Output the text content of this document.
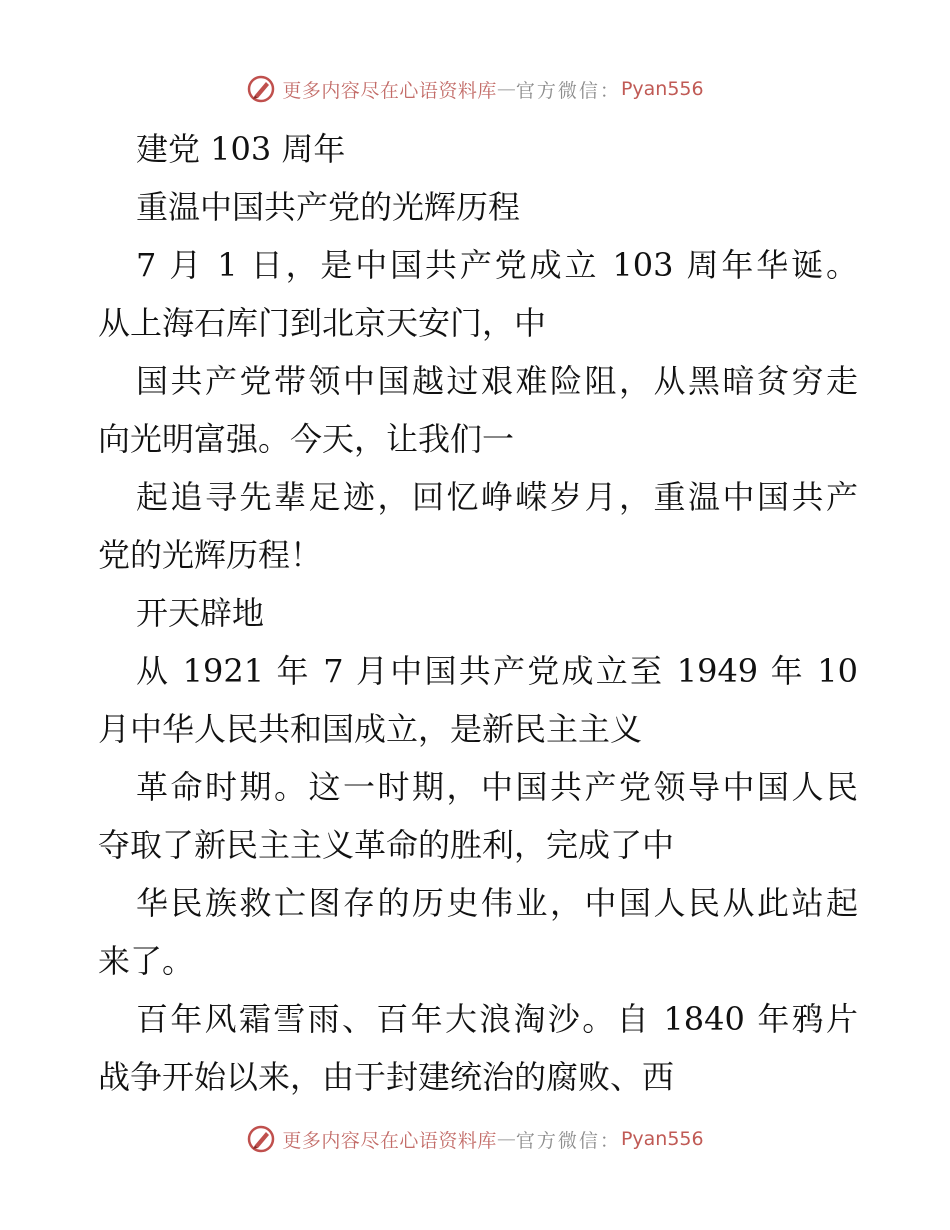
更多内容尽在心语资料库 — 官方微信： Pyan556
建党 103 周年
重温中国共产党的光辉历程
7 月 1 日，是中国共产党成立 103 周年华诞。
从上海石库门到北京天安门，中
国共产党带领中国越过艰难险阻，从黑暗贫穷走
向光明富强。今天，让我们一
起追寻先辈足迹，回忆峥嵘岁月，重温中国共产
党的光辉历程！
开天辟地
从 1921 年 7 月中国共产党成立至 1949 年 10
月中华人民共和国成立，是新民主主义
革命时期。这一时期，中国共产党领导中国人民
夺取了新民主主义革命的胜利，完成了中
华民族救亡图存的历史伟业，中国人民从此站起
来了。
百年风霜雪雨、百年大浪淘沙。自 1840 年鸦片
战争开始以来，由于封建统治的腐败、西
更多内容尽在心语资料库 — 官方微信： Pyan556
